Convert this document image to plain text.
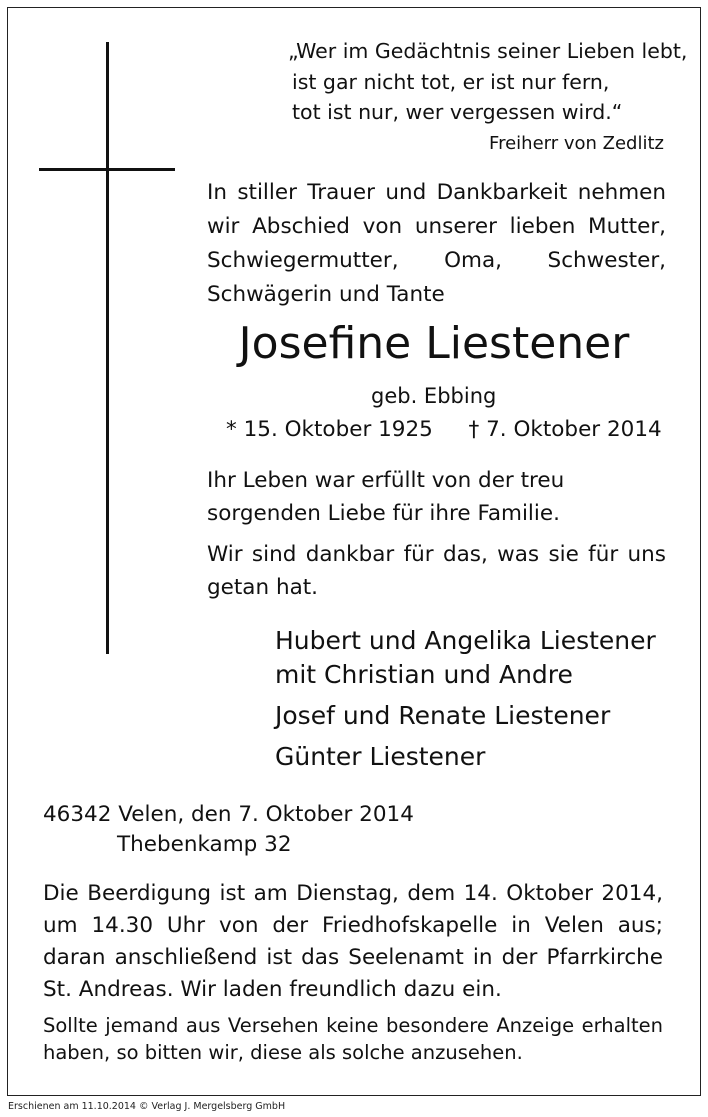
„Wer im Gedächtnis seiner Lieben lebt,
ist gar nicht tot, er ist nur fern,
tot ist nur, wer vergessen wird.“
Freiherr von Zedlitz
In stiller Trauer und Dankbarkeit nehmen wir Abschied von unserer lieben Mutter, Schwiegermutter, Oma, Schwester, Schwägerin und Tante
Josefine Liestener
geb. Ebbing
* 15. Oktober 1925 † 7. Oktober 2014
Ihr Leben war erfüllt von der treu sorgenden Liebe für ihre Familie.
Wir sind dankbar für das, was sie für uns getan hat.
Hubert und Angelika Liestener
mit Christian und Andre
Josef und Renate Liestener
Günter Liestener
46342 Velen, den 7. Oktober 2014
Thebenkamp 32
Die Beerdigung ist am Dienstag, dem 14. Oktober 2014, um 14.30 Uhr von der Friedhofskapelle in Velen aus; daran anschließend ist das Seelenamt in der Pfarrkirche St. Andreas. Wir laden freundlich dazu ein.
Sollte jemand aus Versehen keine besondere Anzeige erhalten haben, so bitten wir, diese als solche anzusehen.
Erschienen am 11.10.2014 © Verlag J. Mergelsberg GmbH
